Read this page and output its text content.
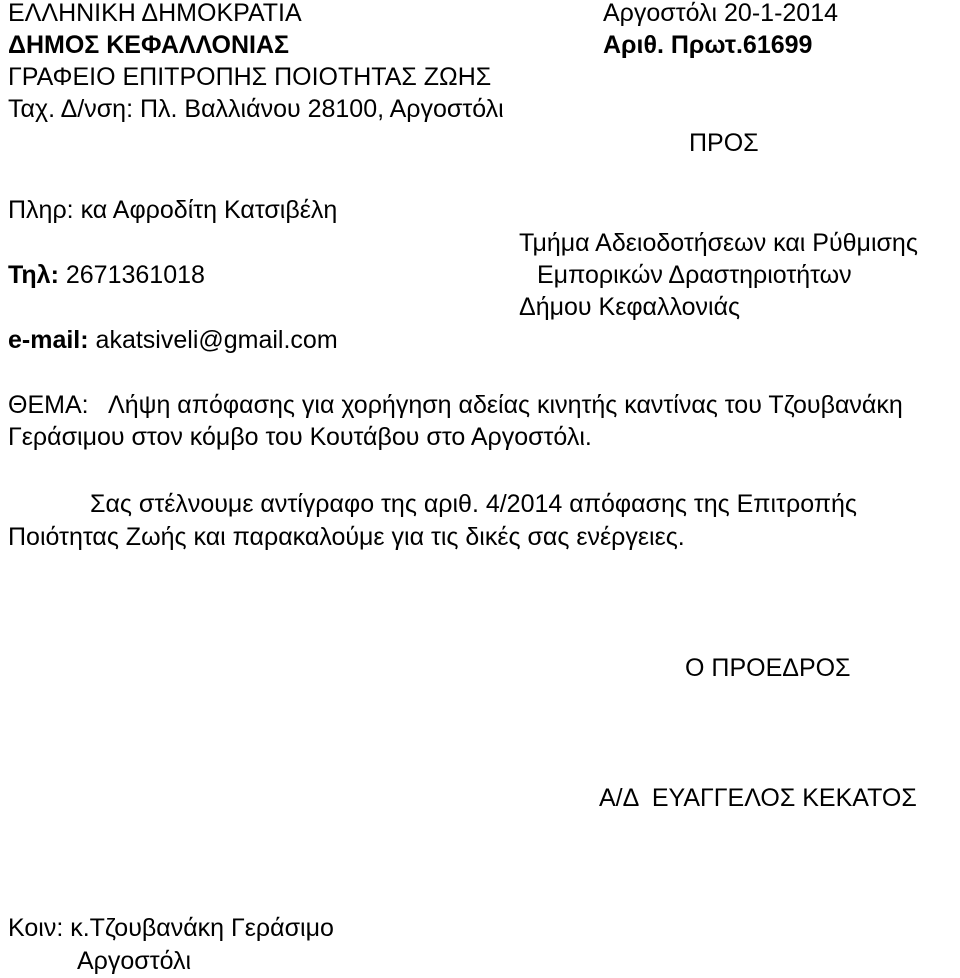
ΕΛΛΗΝΙΚΗ ΔΗΜΟΚΡΑΤΙΑ
ΔΗΜΟΣ ΚΕΦΑΛΛΟΝΙΑΣ
ΓΡΑΦΕΙΟ ΕΠΙΤΡΟΠΗΣ ΠΟΙΟΤΗΤΑΣ ΖΩΗΣ
Ταχ. Δ/νση: Πλ. Βαλλιάνου 28100, Αργοστόλι
Αργοστόλι 20-1-2014
Αριθ. Πρωτ.61699
ΠΡΟΣ
Πληρ: κα Αφροδίτη Κατσιβέλη
Τηλ: 2671361018
e-mail: akatsiveli@gmail.com
Τμήμα Αδειοδοτήσεων και Ρύθμισης
Εμπορικών Δραστηριοτήτων
Δήμου Κεφαλλονιάς
ΘΕΜΑ:   Λήψη απόφασης για χορήγηση αδείας κινητής καντίνας του Τζουβανάκη
Γεράσιμου στον κόμβο του Κουτάβου στο Αργοστόλι.
Σας στέλνουμε αντίγραφο της αριθ. 4/2014 απόφασης της Επιτροπής
Ποιότητας Ζωής και παρακαλούμε για τις δικές σας ενέργειες.
Ο ΠΡΟΕΔΡΟΣ
Α/Δ  ΕΥΑΓΓΕΛΟΣ ΚΕΚΑΤΟΣ
Κοιν: κ.Τζουβανάκη Γεράσιμο
Αργοστόλι
